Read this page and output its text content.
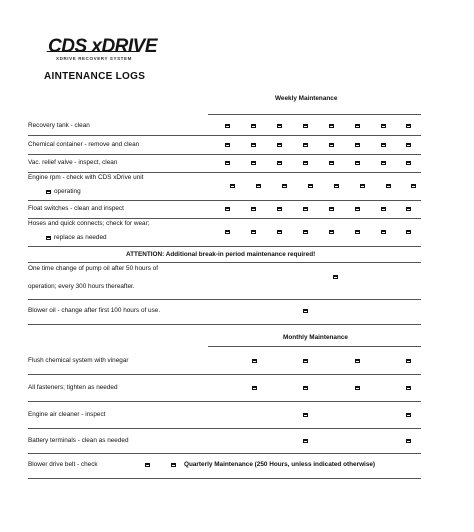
CDS xDRIVE
XDRIVE RECOVERY SYSTEM
AINTENANCE LOGS
Weekly Maintenance
Recovery tank - clean
Chemical container - remove and clean
Vac. relief valve - inspect, clean
Engine rpm - check with CDS xDrive unit
operating
Float switches - clean and inspect
Hoses and quick connects; check for wear;
replace as needed
ATTENTION: Additional break-in period maintenance required!
One time change of pump oil after 50 hours of
operation; every 300 hours thereafter.
Blower oil - change after first 100 hours of use.
Monthly Maintenance
Flush chemical system with vinegar
All fasteners; tighten as needed
Engine air cleaner - inspect
Battery terminals - clean as needed
Blower drive belt - check	Quarterly Maintenance (250 Hours, unless indicated otherwise)
